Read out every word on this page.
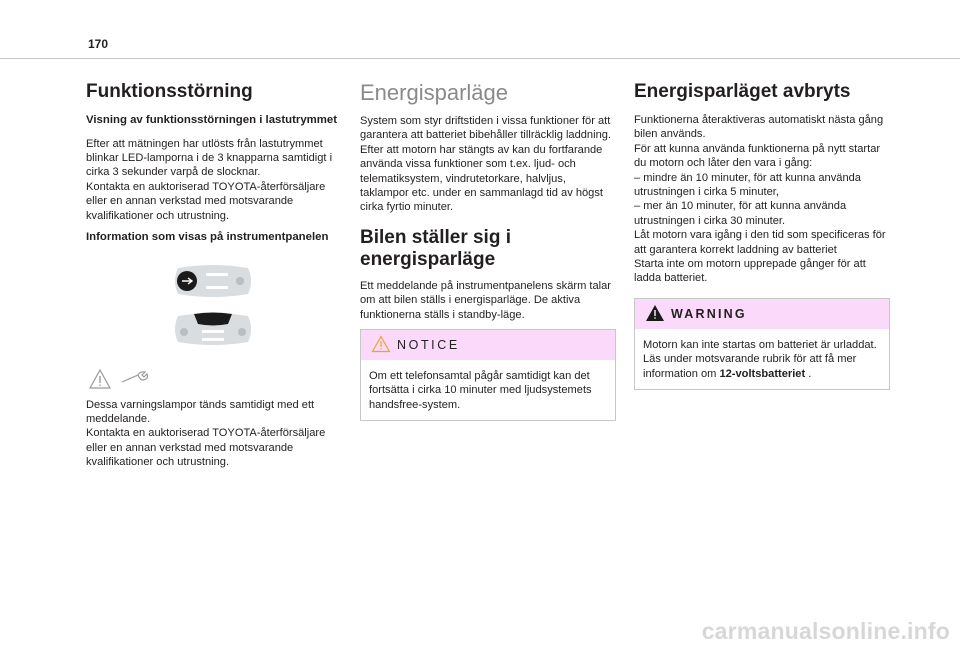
170
Funktionsstörning
Visning av funktionsstörningen i lastutrymmet

Efter att mätningen har utlösts från lastutrymmet blinkar LED-lamporna i de 3 knapparna samtidigt i cirka 3 sekunder varpå de slocknar.
Kontakta en auktoriserad TOYOTA-återförsäljare eller en annan verkstad med motsvarande kvalifikationer och utrustning.

Information som visas på instrumentpanelen

Dessa varningslampor tänds samtidigt med ett meddelande.
Kontakta en auktoriserad TOYOTA-återförsäljare eller en annan verkstad med motsvarande kvalifikationer och utrustning.

Energisparläge

System som styr driftstiden i vissa funktioner för att garantera att batteriet bibehåller tillräcklig laddning.
Efter att motorn har stängts av kan du fortfarande använda vissa funktioner som t.ex. ljud- och telematiksystem, vindrutetorkare, halvljus, taklampor etc. under en sammanlagd tid av högst cirka fyrtio minuter.

Bilen ställer sig i energisparläge

Ett meddelande på instrumentpanelens skärm talar om att bilen ställs i energisparläge. De aktiva funktionerna ställs i standby-läge.

NOTICE

Om ett telefonsamtal pågår samtidigt kan det fortsätta i cirka 10 minuter med ljudsystemets handsfree-system.

Energisparläget avbryts

Funktionerna återaktiveras automatiskt nästa gång bilen används.
För att kunna använda funktionerna på nytt startar du motorn och låter den vara i gång:
– mindre än 10 minuter, för att kunna använda utrustningen i cirka 5 minuter,
– mer än 10 minuter, för att kunna använda utrustningen i cirka 30 minuter.
Låt motorn vara igång i den tid som specificeras för att garantera korrekt laddning av batteriet
Starta inte om motorn upprepade gånger för att ladda batteriet.

WARNING

Motorn kan inte startas om batteriet är urladdat.
Läs under motsvarande rubrik för att få mer information om 12-voltsbatteriet .

carmanualsonline.info
